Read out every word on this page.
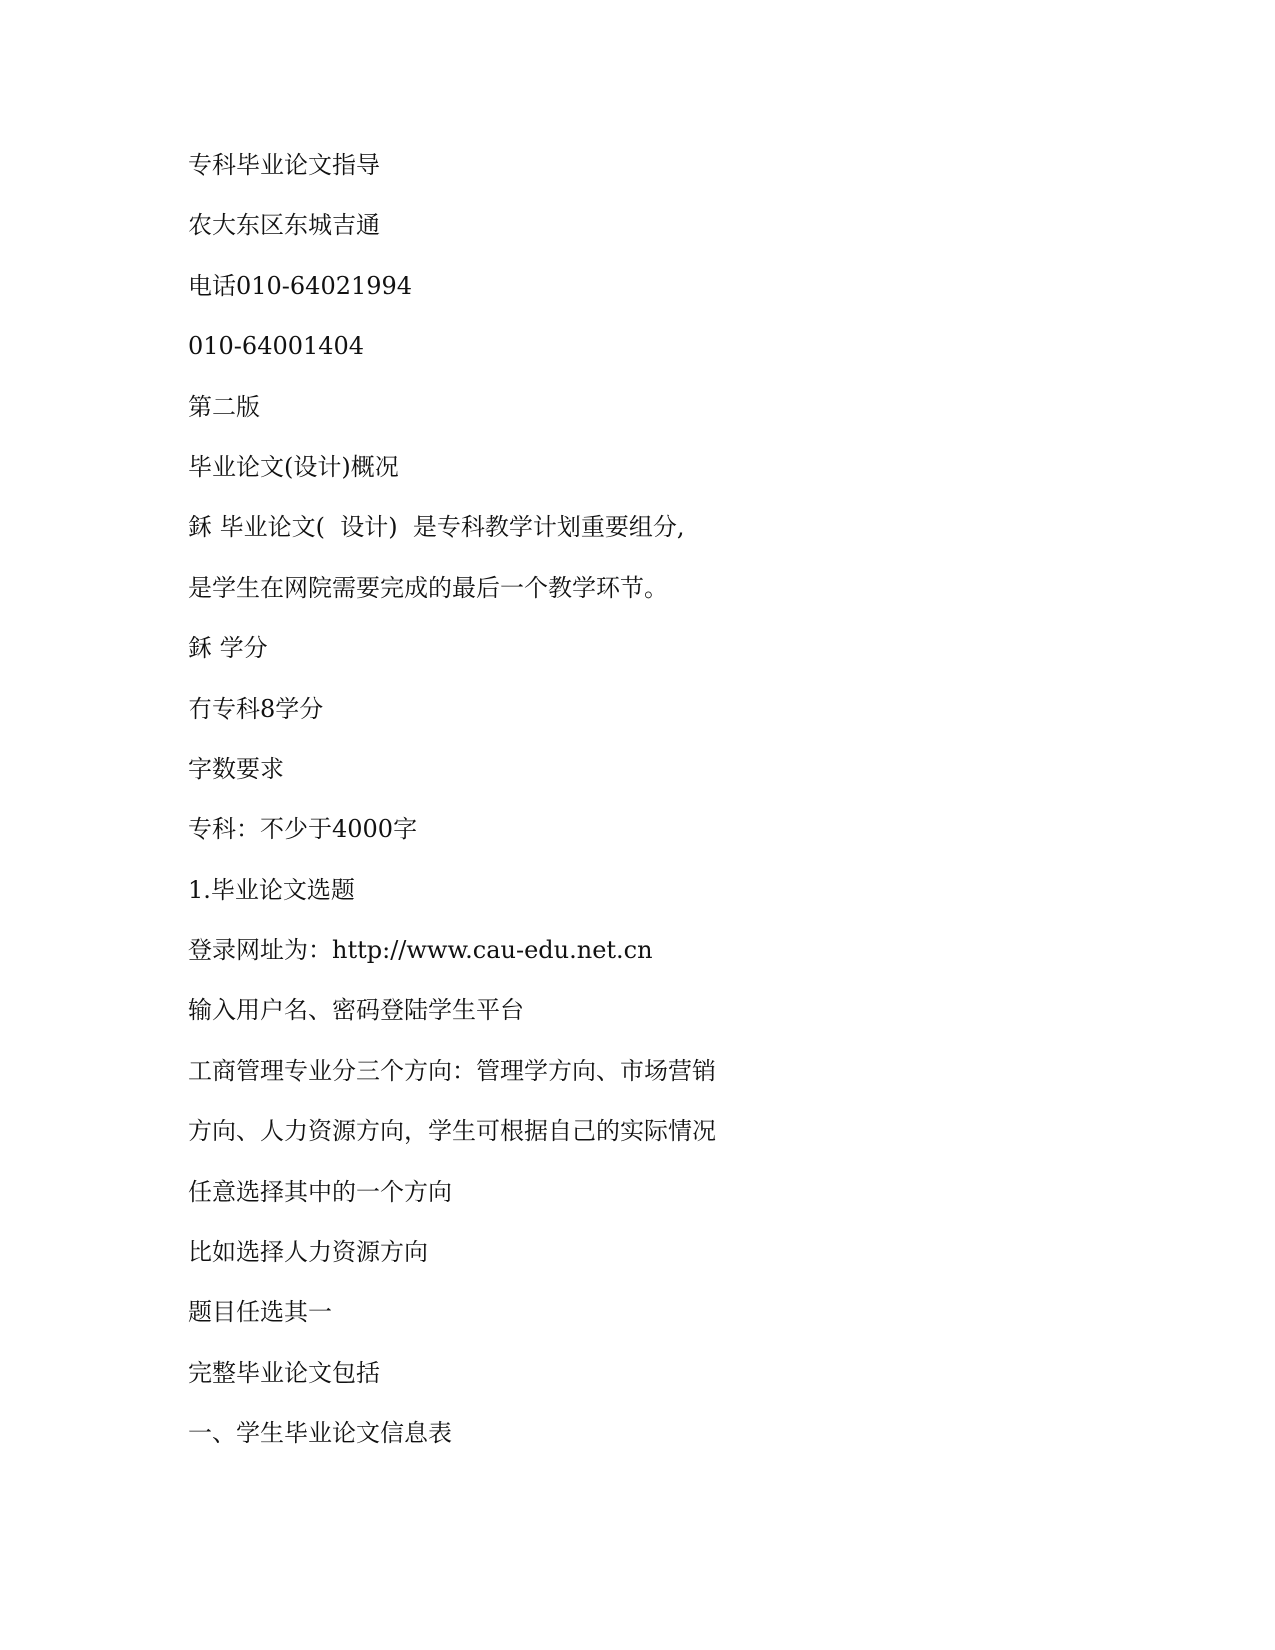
专科毕业论文指导
农大东区东城吉通
电话010-64021994
010-64001404
第二版
毕业论文(设计)概况
鉌 毕业论文(  设计)  是专科教学计划重要组分,
是学生在网院需要完成的最后一个教学环节。
鉌 学分
冇专科8学分
字数要求
专科：不少于4000字
1.毕业论文选题
登录网址为：http://www.cau-edu.net.cn
输入用户名、密码登陆学生平台
工商管理专业分三个方向：管理学方向、市场营销
方向、人力资源方向，学生可根据自己的实际情况
任意选择其中的一个方向
比如选择人力资源方向
题目任选其一
完整毕业论文包括
一、学生毕业论文信息表
